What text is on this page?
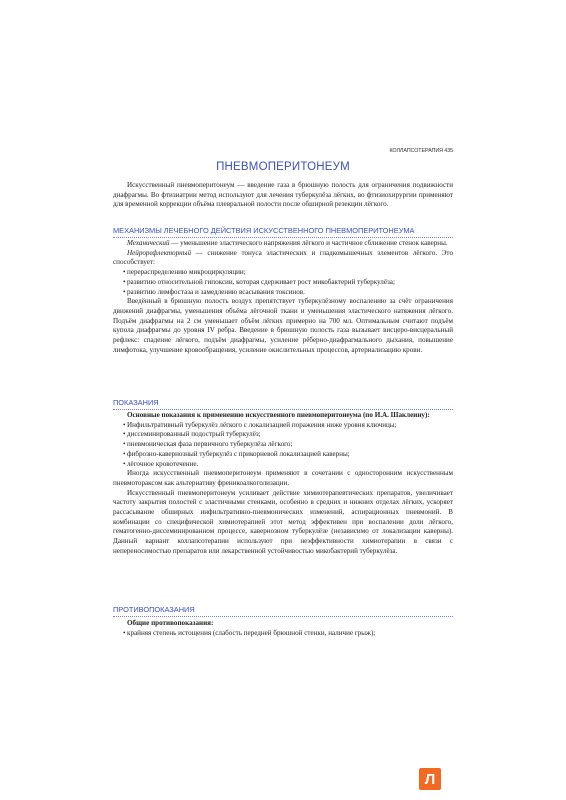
КОЛЛАПСОТЕРАПИЯ 435
ПНЕВМОПЕРИТОНЕУМ

Искусственный пневмоперитонеум — введение газа в брюшную полость для ограничения подвижности диафрагмы. Во фтизиатрии метод используют для лечения туберкулёза лёгких, во фтизиохирургии применяют для временной коррекции объёма плевральной полости после обширной резекции лёгкого.

МЕХАНИЗМЫ ЛЕЧЕБНОГО ДЕЙСТВИЯ ИСКУССТВЕННОГО ПНЕВМОПЕРИТОНЕУМА

Механический — уменьшение эластического напряжения лёгкого и частичное сближение стенок каверны.

Нейрорефлекторный — снижение тонуса эластических и гладкомышечных элементов лёгкого. Это способствует:

• перераспределению микроциркуляции;
• развитию относительной гипоксии, которая сдерживает рост микобактерий туберкулёза;
• развитию лимфостаза и замедлению всасывания токсинов.

Введённый в брюшную полость воздух препятствует туберкулёзному воспалению за счёт ограничения движений диафрагмы, уменьшения объёма лёгочной ткани и уменьшения эластического натяжения лёгкого. Подъём диафрагмы на 2 см уменьшает объём лёгких примерно на 700 мл. Оптимальным считают подъём купола диафрагмы до уровня IV ребра. Введение в брюшную полость газа вызывает висцеро-висцеральный рефлекс: спадение лёгкого, подъём диафрагмы, усиление рёберно-диафрагмального дыхания, повышение лимфотока, улучшение кровообращения, усиление окислительных процессов, артериализацию крови.

ПОКАЗАНИЯ

Основные показания к применению искусственного пневмоперитонеума (по И.А. Шаклеину):

• Инфильтративный туберкулёз лёгкого с локализацией поражения ниже уровня ключицы;
• диссеминированный подострый туберкулёз;
• пневмоническая фаза первичного туберкулёза лёгкого;
• фиброзно-кавернозный туберкулёз с прикорневой локализацией каверны;
• лёгочное кровотечение.

Иногда искусственный пневмоперитонеум применяют в сочетании с односторонним искусственным пневмотораксом как альтернативу френикоалкоголизации.

Искусственный пневмоперитонеум усиливает действие химиотерапевтических препаратов, увеличивает частоту закрытия полостей с эластичными стенками, особенно в средних и нижних отделах лёгких, ускоряет рассасывание обширных инфильтративно-пневмонических изменений, аспирационных пневмоний. В комбинации со специфической химиотерапией этот метод эффективен при воспалении доли лёгкого, гематогенно-диссеминированном процессе, кавернозном туберкулёзе (независимо от локализации каверны). Данный вариант коллапсотерапии используют при неэффективности химиотерапии в связи с непереносимостью препаратов или лекарственной устойчивостью микобактерий туберкулёза.

ПРОТИВОПОКАЗАНИЯ

Общие противопоказания:

• крайняя степень истощения (слабость передней брюшной стенки, наличие грыж);
Л
